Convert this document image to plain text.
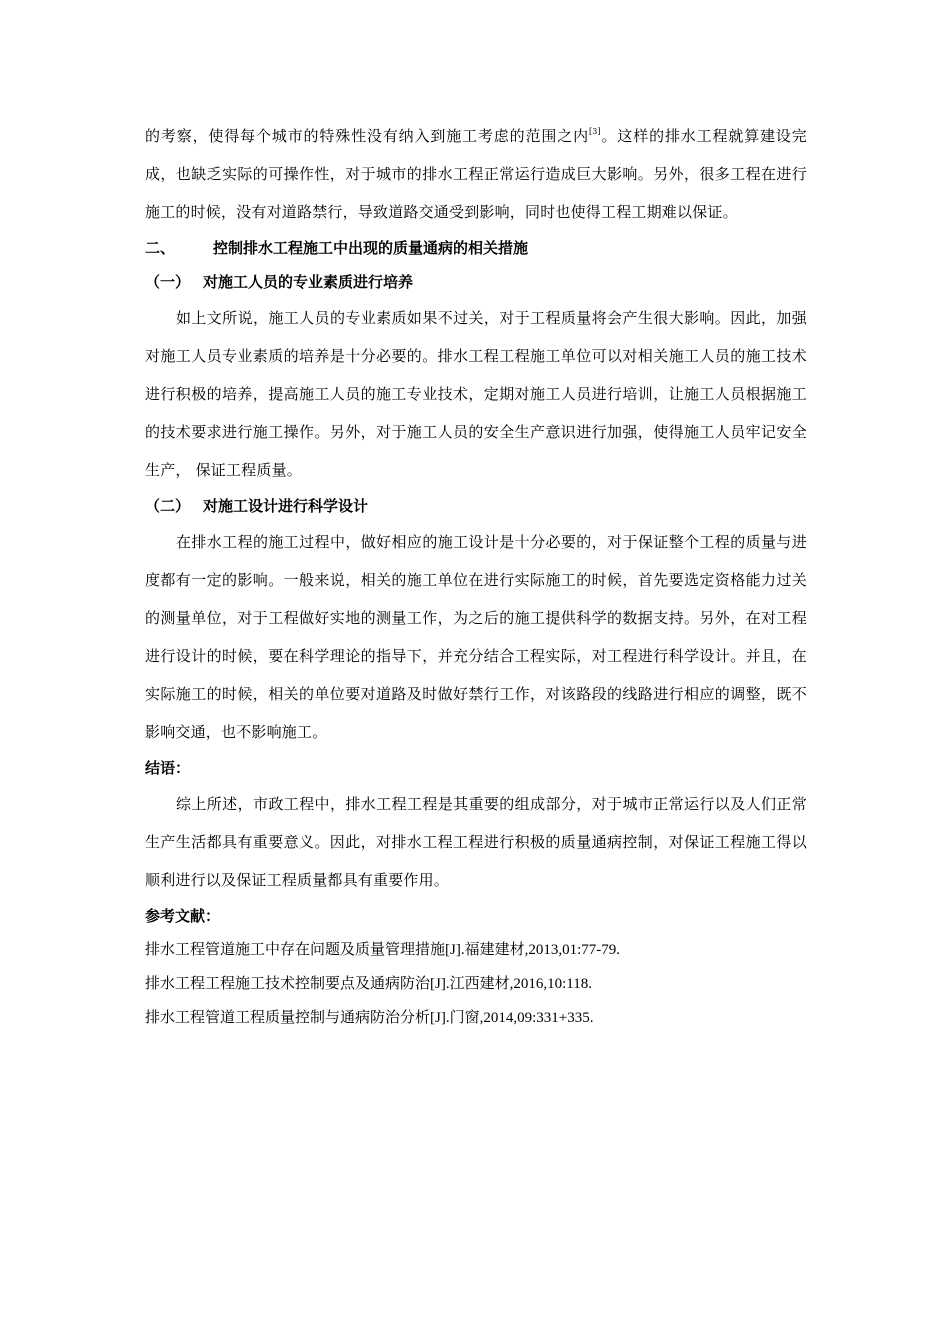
的考察，使得每个城市的特殊性没有纳入到施工考虑的范围之内[3]。这样的排水工程就算建设完成，也缺乏实际的可操作性，对于城市的排水工程正常运行造成巨大影响。另外，很多工程在进行施工的时候，没有对道路禁行，导致道路交通受到影响，同时也使得工程工期难以保证。

二、	控制排水工程施工中出现的质量通病的相关措施
（一） 对施工人员的专业素质进行培养

如上文所说，施工人员的专业素质如果不过关，对于工程质量将会产生很大影响。因此，加强对施工人员专业素质的培养是十分必要的。排水工程工程施工单位可以对相关施工人员的施工技术进行积极的培养，提高施工人员的施工专业技术，定期对施工人员进行培训，让施工人员根据施工的技术要求进行施工操作。另外，对于施工人员的安全生产意识进行加强，使得施工人员牢记安全生产， 保证工程质量。

（二） 对施工设计进行科学设计

在排水工程的施工过程中，做好相应的施工设计是十分必要的，对于保证整个工程的质量与进度都有一定的影响。一般来说，相关的施工单位在进行实际施工的时候，首先要选定资格能力过关的测量单位，对于工程做好实地的测量工作，为之后的施工提供科学的数据支持。另外，在对工程进行设计的时候，要在科学理论的指导下，并充分结合工程实际，对工程进行科学设计。并且，在实际施工的时候，相关的单位要对道路及时做好禁行工作，对该路段的线路进行相应的调整，既不影响交通，也不影响施工。

结语：

综上所述，市政工程中，排水工程工程是其重要的组成部分，对于城市正常运行以及人们正常生产生活都具有重要意义。因此，对排水工程工程进行积极的质量通病控制，对保证工程施工得以顺利进行以及保证工程质量都具有重要作用。

参考文献：
排水工程管道施工中存在问题及质量管理措施[J].福建建材,2013,01:77-79.
排水工程工程施工技术控制要点及通病防治[J].江西建材,2016,10:118.
排水工程管道工程质量控制与通病防治分析[J].门窗,2014,09:331+335.
